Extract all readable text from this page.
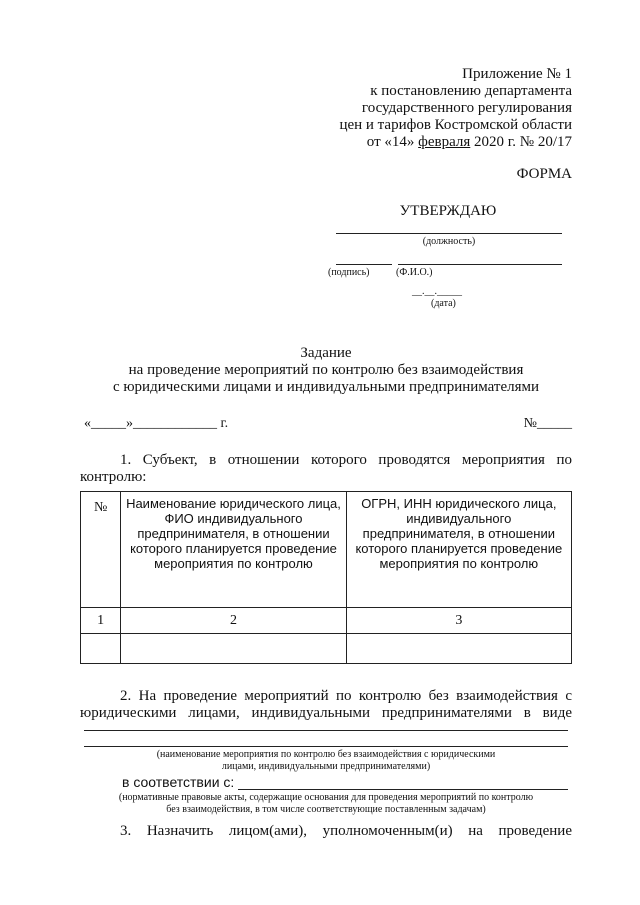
Приложение № 1
к постановлению департамента
государственного регулирования
цен и тарифов Костромской области
от «14» февраля 2020 г. № 20/17
ФОРМА
УТВЕРЖДАЮ
(должность)
(подпись)	(Ф.И.О.)
__.__._____
(дата)
Задание
на проведение мероприятий по контролю без взаимодействия
с юридическими лицами и индивидуальными предпринимателями
«_____»____________ г.	№_____
1. Субъект, в отношении которого проводятся мероприятия по
контролю:
№	Наименование юридического лица, ФИО индивидуального предпринимателя, в отношении которого планируется проведение мероприятия по контролю	ОГРН, ИНН юридического лица, индивидуального предпринимателя, в отношении которого планируется проведение мероприятия по контролю
1	2	3

2. На проведение мероприятий по контролю без взаимодействия с
юридическими лицами, индивидуальными предпринимателями в виде
(наименование мероприятия по контролю без взаимодействия с юридическими
лицами, индивидуальными предпринимателями)
в соответствии с:
(нормативные правовые акты, содержащие основания для проведения мероприятий по контролю
без взаимодействия, в том числе соответствующие поставленным задачам)
3. Назначить лицом(ами), уполномоченным(и) на проведение
